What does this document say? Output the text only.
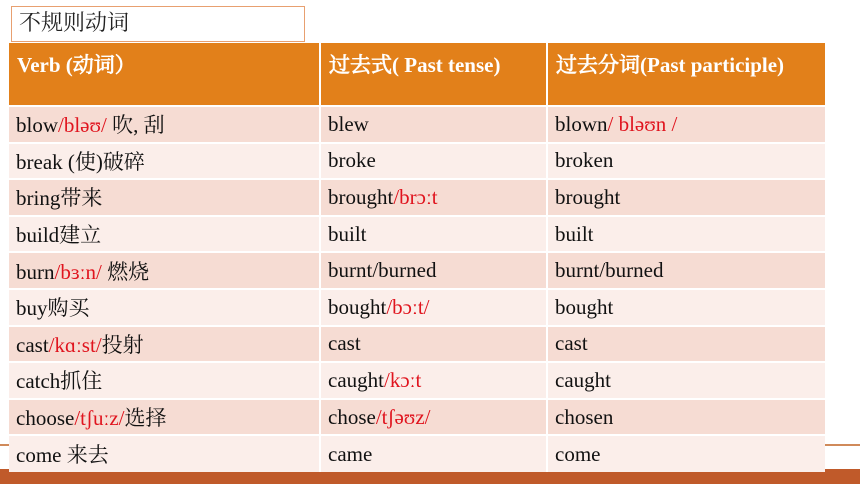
不规则动词
Verb (动词）	过去式( Past tense)	过去分词(Past participle)
blow/bləʊ/ 吹, 刮	blew	blown/ bləʊn /
break (使)破碎	broke	broken
bring带来	brought/brɔːt	brought
build建立	built	built
burn/bɜːn/ 燃烧	burnt/burned	burnt/burned
buy购买	bought/bɔːt/	bought
cast/kɑːst/投射	cast	cast
catch抓住	caught/kɔːt	caught
choose/tʃuːz/选择	chose/tʃəʊz/	chosen
come 来去	came	come
